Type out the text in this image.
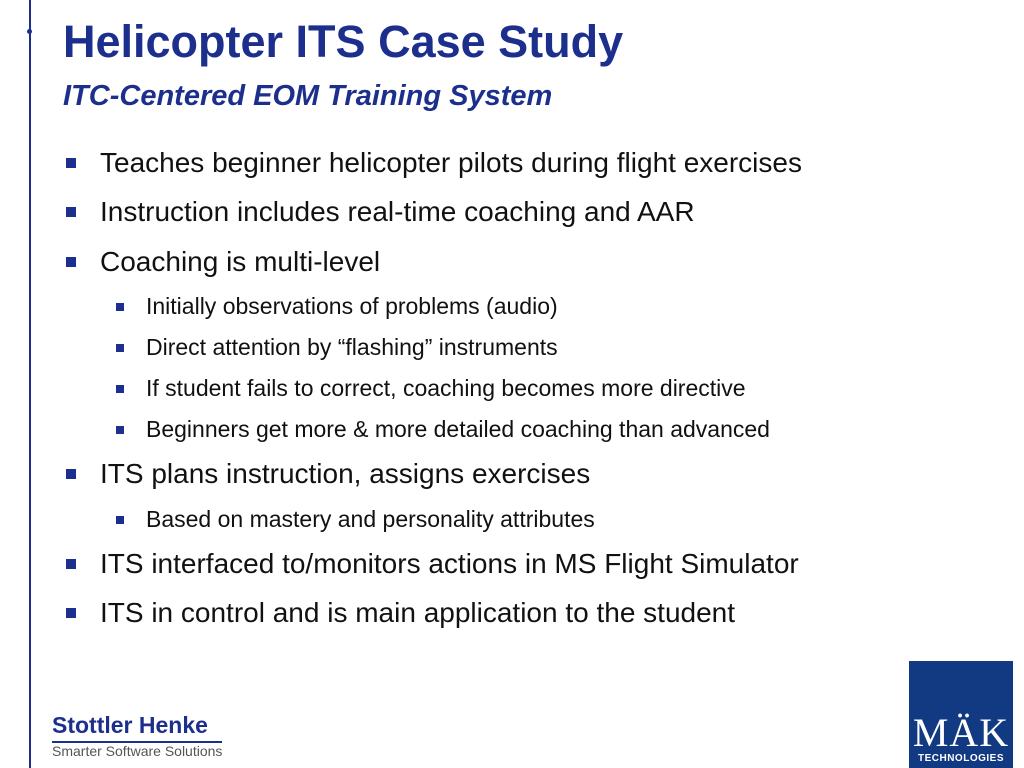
Helicopter ITS Case Study
ITC-Centered EOM Training System
Teaches beginner helicopter pilots during flight exercises
Instruction includes real-time coaching and AAR
Coaching is multi-level
Initially observations of problems (audio)
Direct attention by “flashing” instruments
If student fails to correct, coaching becomes more directive
Beginners get more & more detailed coaching than advanced
ITS plans instruction, assigns exercises
Based on mastery and personality attributes
ITS interfaced to/monitors actions in MS Flight Simulator
ITS in control and is main application to the student
Stottler Henke
Smarter Software Solutions	MÄK
TECHNOLOGIES
